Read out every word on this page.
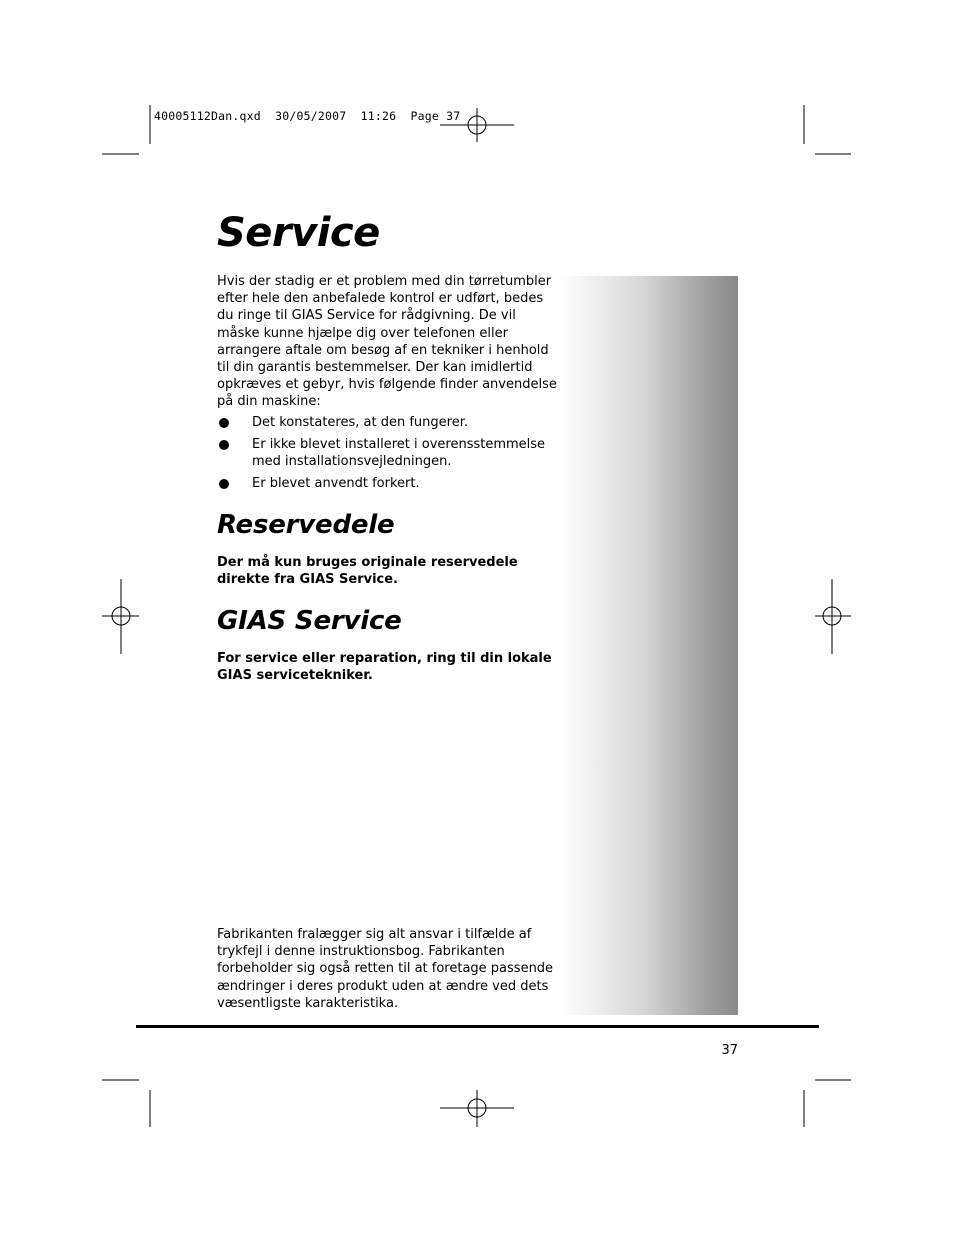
40005112Dan.qxd  30/05/2007  11:26  Page 37
Service

Hvis der stadig er et problem med din tørretumbler efter hele den anbefalede kontrol er udført, bedes du ringe til GIAS Service for rådgivning. De vil måske kunne hjælpe dig over telefonen eller arrangere aftale om besøg af en tekniker i henhold til din garantis bestemmelser. Der kan imidlertid opkræves et gebyr, hvis følgende finder anvendelse på din maskine:

Det konstateres, at den fungerer.
Er ikke blevet installeret i overensstemmelse med installationsvejledningen.
Er blevet anvendt forkert.
Reservedele

Der må kun bruges originale reservedele direkte fra GIAS Service.

GIAS Service

For service eller reparation, ring til din lokale GIAS servicetekniker.

Fabrikanten fralægger sig alt ansvar i tilfælde af trykfejl i denne instruktionsbog. Fabrikanten forbeholder sig også retten til at foretage passende ændringer i deres produkt uden at ændre ved dets væsentligste karakteristika.

37
